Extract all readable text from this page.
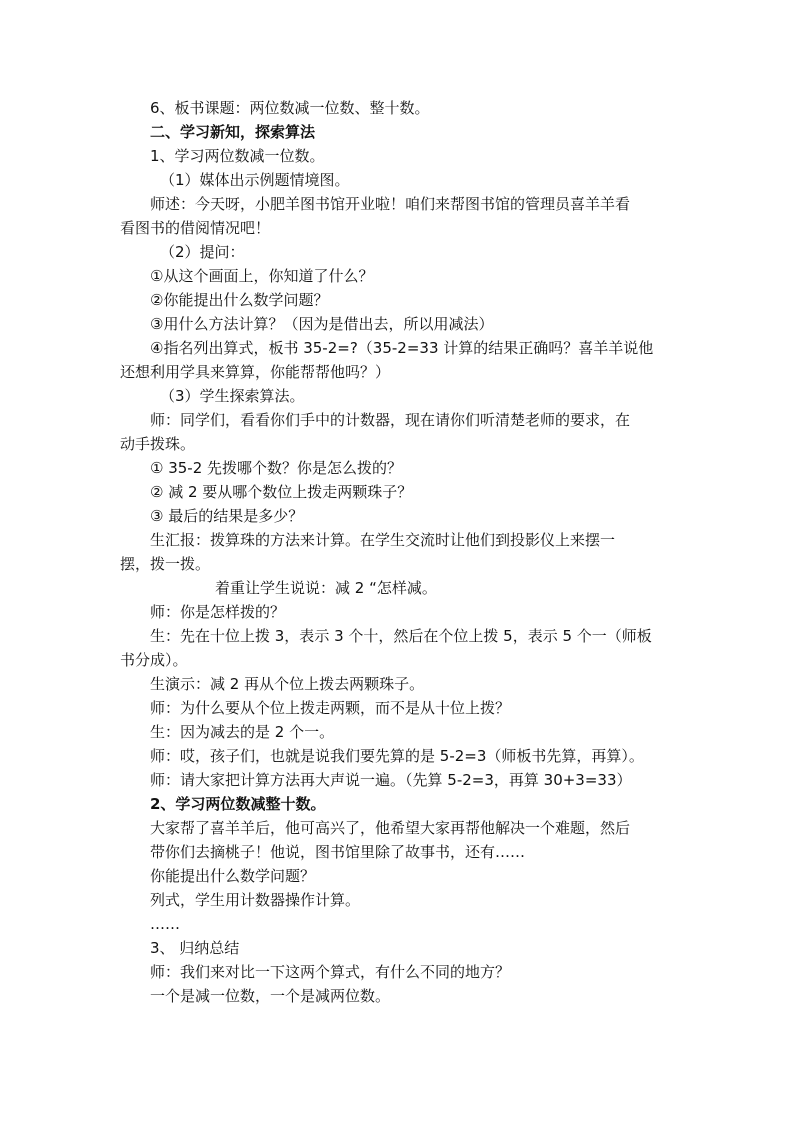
6、板书课题：两位数减一位数、整十数。
二、学习新知，探索算法
1、学习两位数减一位数。
（1）媒体出示例题情境图。
师述：今天呀，小肥羊图书馆开业啦！咱们来帮图书馆的管理员喜羊羊看
看图书的借阅情况吧！
（2）提问：
①从这个画面上，你知道了什么？
②你能提出什么数学问题？
③用什么方法计算？（因为是借出去，所以用减法）
④指名列出算式，板书 35-2=?（35-2=33 计算的结果正确吗？喜羊羊说他
还想利用学具来算算，你能帮帮他吗？）
（3）学生探索算法。
师：同学们，看看你们手中的计数器，现在请你们听清楚老师的要求，在
动手拨珠。
① 35-2 先拨哪个数？你是怎么拨的？
② 减 2 要从哪个数位上拨走两颗珠子？
③ 最后的结果是多少？
生汇报：拨算珠的方法来计算。在学生交流时让他们到投影仪上来摆一
摆，拨一拨。
着重让学生说说：减 2 “怎样减。
师：你是怎样拨的？
生：先在十位上拨 3，表示 3 个十，然后在个位上拨 5，表示 5 个一（师板
书分成）。
生演示：减 2 再从个位上拨去两颗珠子。
师：为什么要从个位上拨走两颗，而不是从十位上拨？
生：因为减去的是 2 个一。
师：哎，孩子们，也就是说我们要先算的是 5-2=3（师板书先算，再算）。
师：请大家把计算方法再大声说一遍。（先算 5-2=3，再算 30+3=33）
2、学习两位数减整十数。
大家帮了喜羊羊后，他可高兴了，他希望大家再帮他解决一个难题，然后
带你们去摘桃子！他说，图书馆里除了故事书，还有……
你能提出什么数学问题？
列式，学生用计数器操作计算。
……
3、 归纳总结
师：我们来对比一下这两个算式，有什么不同的地方？
一个是减一位数，一个是减两位数。
